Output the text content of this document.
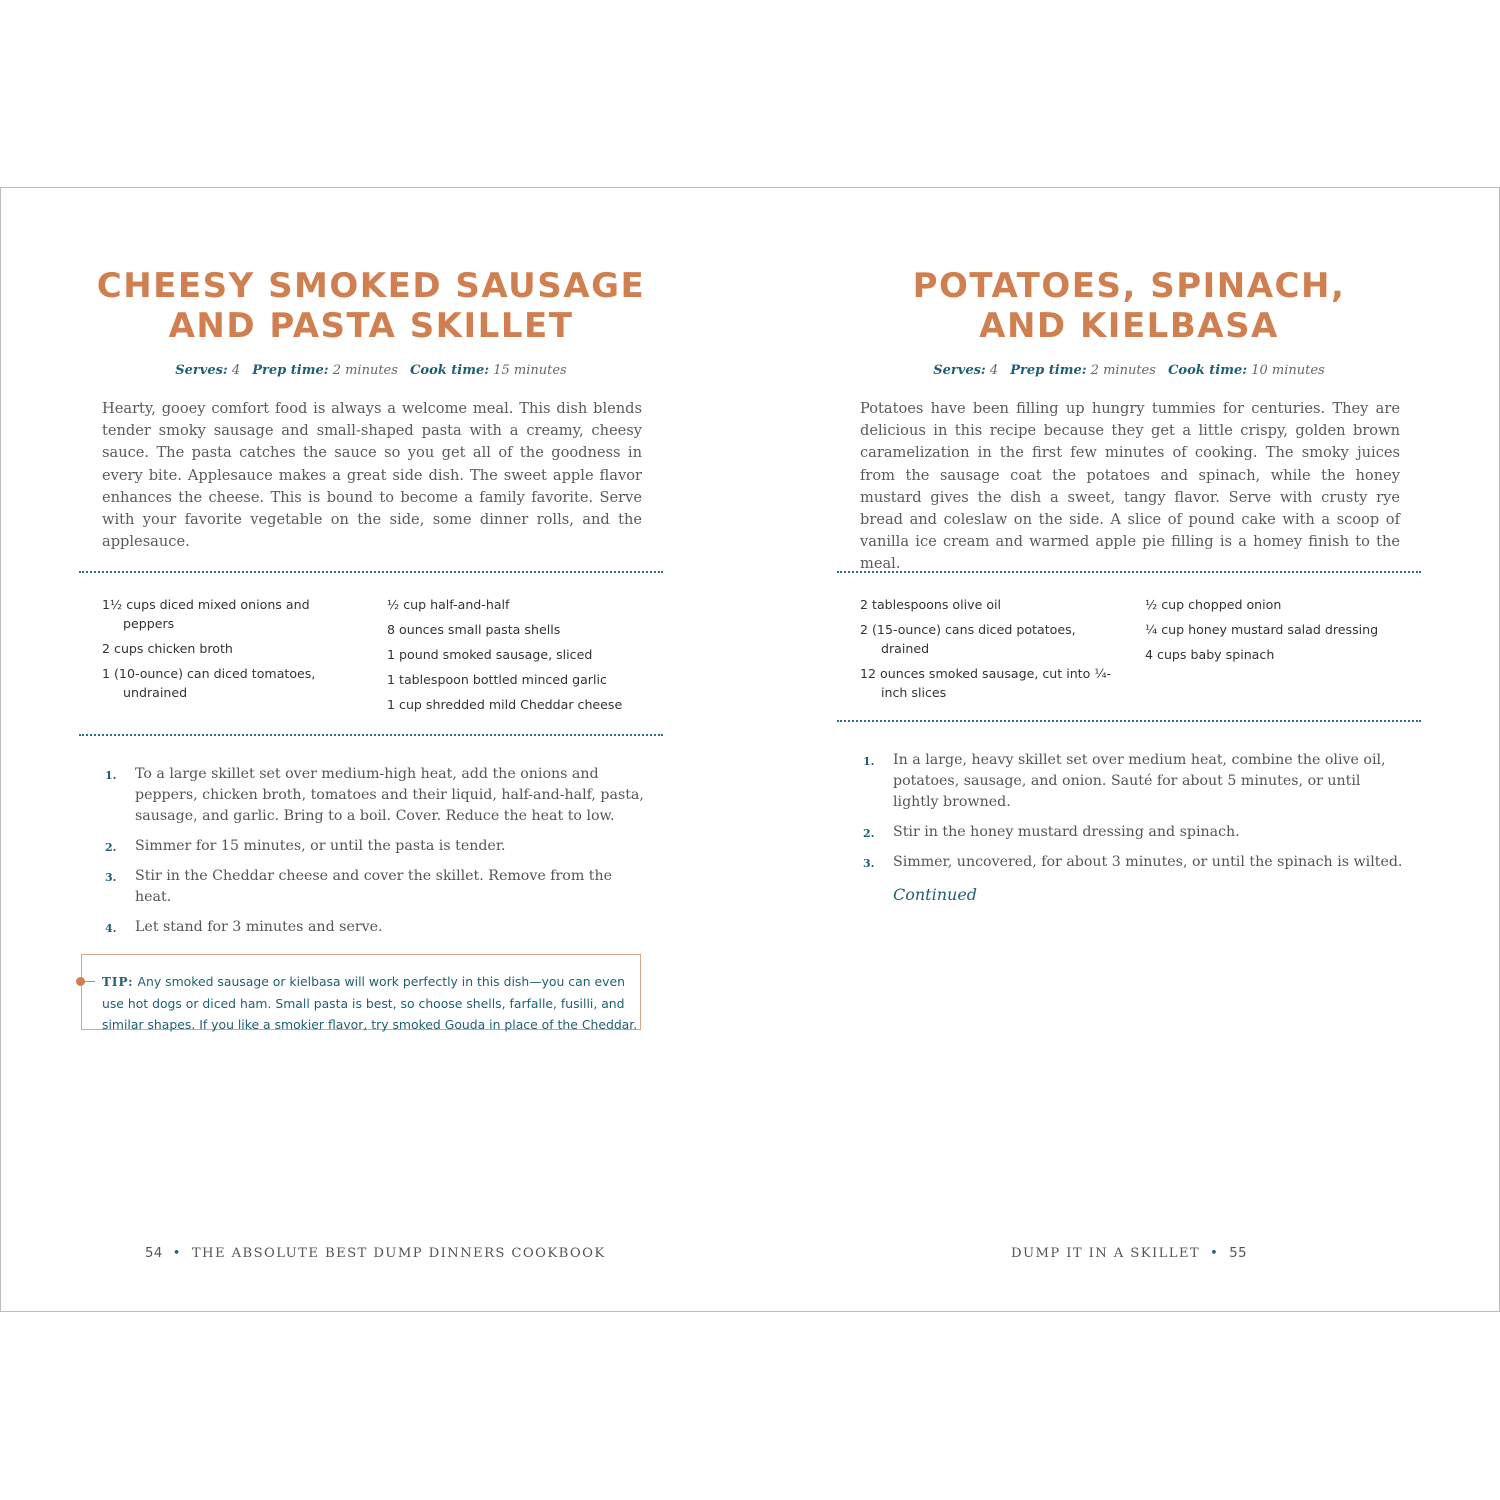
CHEESY SMOKED SAUSAGE
AND PASTA SKILLET
Serves: 4 Prep time: 2 minutes Cook time: 15 minutes
Hearty, gooey comfort food is always a welcome meal. This dish blends tender smoky sausage and small-shaped pasta with a creamy, cheesy sauce. The pasta catches the sauce so you get all of the goodness in every bite. Applesauce makes a great side dish. The sweet apple flavor enhances the cheese. This is bound to become a family favorite. Serve with your favorite vegetable on the side, some dinner rolls, and the applesauce.
1½ cups diced mixed onions and peppers
2 cups chicken broth
1 (10-ounce) can diced tomatoes, undrained
½ cup half-and-half
8 ounces small pasta shells
1 pound smoked sausage, sliced
1 tablespoon bottled minced garlic
1 cup shredded mild Cheddar cheese
1. To a large skillet set over medium-high heat, add the onions and peppers, chicken broth, tomatoes and their liquid, half-and-half, pasta, sausage, and garlic. Bring to a boil. Cover. Reduce the heat to low.
2. Simmer for 15 minutes, or until the pasta is tender.
3. Stir in the Cheddar cheese and cover the skillet. Remove from the heat.
4. Let stand for 3 minutes and serve.
TIP: Any smoked sausage or kielbasa will work perfectly in this dish—you can even use hot dogs or diced ham. Small pasta is best, so choose shells, farfalle, fusilli, and similar shapes. If you like a smokier flavor, try smoked Gouda in place of the Cheddar.
54 • THE ABSOLUTE BEST DUMP DINNERS COOKBOOK
POTATOES, SPINACH,
AND KIELBASA
Serves: 4 Prep time: 2 minutes Cook time: 10 minutes
Potatoes have been filling up hungry tummies for centuries. They are delicious in this recipe because they get a little crispy, golden brown caramelization in the first few minutes of cooking. The smoky juices from the sausage coat the potatoes and spinach, while the honey mustard gives the dish a sweet, tangy flavor. Serve with crusty rye bread and coleslaw on the side. A slice of pound cake with a scoop of vanilla ice cream and warmed apple pie filling is a homey finish to the meal.
2 tablespoons olive oil
2 (15-ounce) cans diced potatoes, drained
12 ounces smoked sausage, cut into ¼-inch slices
½ cup chopped onion
¼ cup honey mustard salad dressing
4 cups baby spinach
1. In a large, heavy skillet set over medium heat, combine the olive oil, potatoes, sausage, and onion. Sauté for about 5 minutes, or until lightly browned.
2. Stir in the honey mustard dressing and spinach.
3. Simmer, uncovered, for about 3 minutes, or until the spinach is wilted.
Continued
DUMP IT IN A SKILLET • 55
